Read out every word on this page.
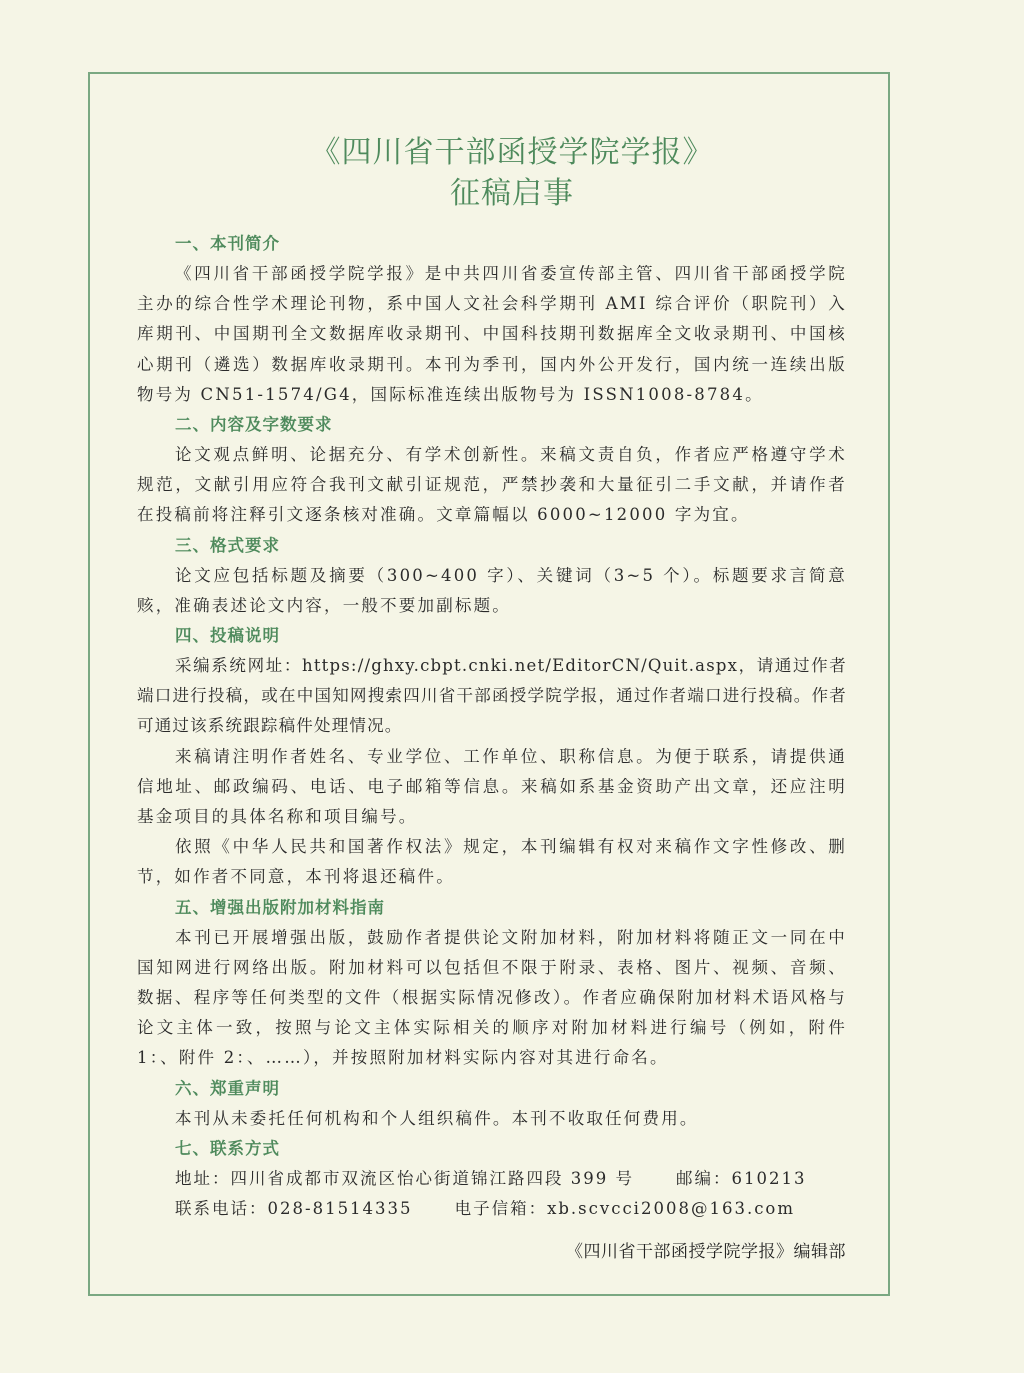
《四川省干部函授学院学报》
征稿启事
一、本刊简介

《四川省干部函授学院学报》是中共四川省委宣传部主管、四川省干部函授学院主办的综合性学术理论刊物，系中国人文社会科学期刊 AMI 综合评价（职院刊）入库期刊、中国期刊全文数据库收录期刊、中国科技期刊数据库全文收录期刊、中国核心期刊（遴选）数据库收录期刊。本刊为季刊，国内外公开发行，国内统一连续出版物号为 CN51-1574/G4，国际标准连续出版物号为 ISSN1008-8784。

二、内容及字数要求

论文观点鲜明、论据充分、有学术创新性。来稿文责自负，作者应严格遵守学术规范，文献引用应符合我刊文献引证规范，严禁抄袭和大量征引二手文献，并请作者在投稿前将注释引文逐条核对准确。文章篇幅以 6000~12000 字为宜。

三、格式要求

论文应包括标题及摘要（300~400 字）、关键词（3~5 个）。标题要求言简意赅，准确表述论文内容，一般不要加副标题。

四、投稿说明

采编系统网址：https://ghxy.cbpt.cnki.net/EditorCN/Quit.aspx，请通过作者端口进行投稿，或在中国知网搜索四川省干部函授学院学报，通过作者端口进行投稿。作者可通过该系统跟踪稿件处理情况。

来稿请注明作者姓名、专业学位、工作单位、职称信息。为便于联系，请提供通信地址、邮政编码、电话、电子邮箱等信息。来稿如系基金资助产出文章，还应注明基金项目的具体名称和项目编号。

依照《中华人民共和国著作权法》规定，本刊编辑有权对来稿作文字性修改、删节，如作者不同意，本刊将退还稿件。

五、增强出版附加材料指南

本刊已开展增强出版，鼓励作者提供论文附加材料，附加材料将随正文一同在中国知网进行网络出版。附加材料可以包括但不限于附录、表格、图片、视频、音频、数据、程序等任何类型的文件（根据实际情况修改）。作者应确保附加材料术语风格与论文主体一致，按照与论文主体实际相关的顺序对附加材料进行编号（例如，附件1：、附件 2：、……），并按照附加材料实际内容对其进行命名。

六、郑重声明

本刊从未委托任何机构和个人组织稿件。本刊不收取任何费用。

七、联系方式
地址：四川省成都市双流区怡心街道锦江路四段 399 号	邮编：610213
联系电话：028-81514335	电子信箱：xb.scvcci2008@163.com
《四川省干部函授学院学报》编辑部
